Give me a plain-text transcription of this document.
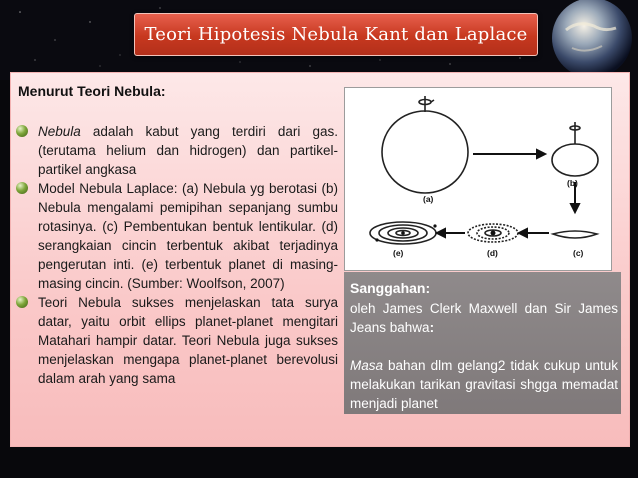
Teori Hipotesis Nebula Kant dan Laplace
Menurut Teori Nebula:

Nebula adalah kabut yang terdiri dari gas. (terutama helium dan hidrogen) dan partikel-partikel angkasa

Model Nebula Laplace: (a) Nebula yg berotasi (b) Nebula mengalami pemipihan sepanjang sumbu rotasinya. (c) Pembentukan bentuk lentikular. (d) serangkaian cincin terbentuk akibat terjadinya pengerutan inti. (e) terbentuk planet di masing-masing cincin. (Sumber: Woolfson, 2007)

Teori Nebula sukses menjelaskan tata surya datar, yaitu orbit ellips planet-planet mengitari Matahari hampir datar. Teori Nebula juga sukses menjelaskan mengapa planet-planet berevolusi dalam arah yang sama

(a)
(b)
(c)
(d)
(e)
Sanggahan:
oleh James Clerk Maxwell dan Sir James Jeans bahwa:
Masa bahan dlm gelang2 tidak cukup untuk melakukan tarikan gravitasi shgga memadat menjadi planet
